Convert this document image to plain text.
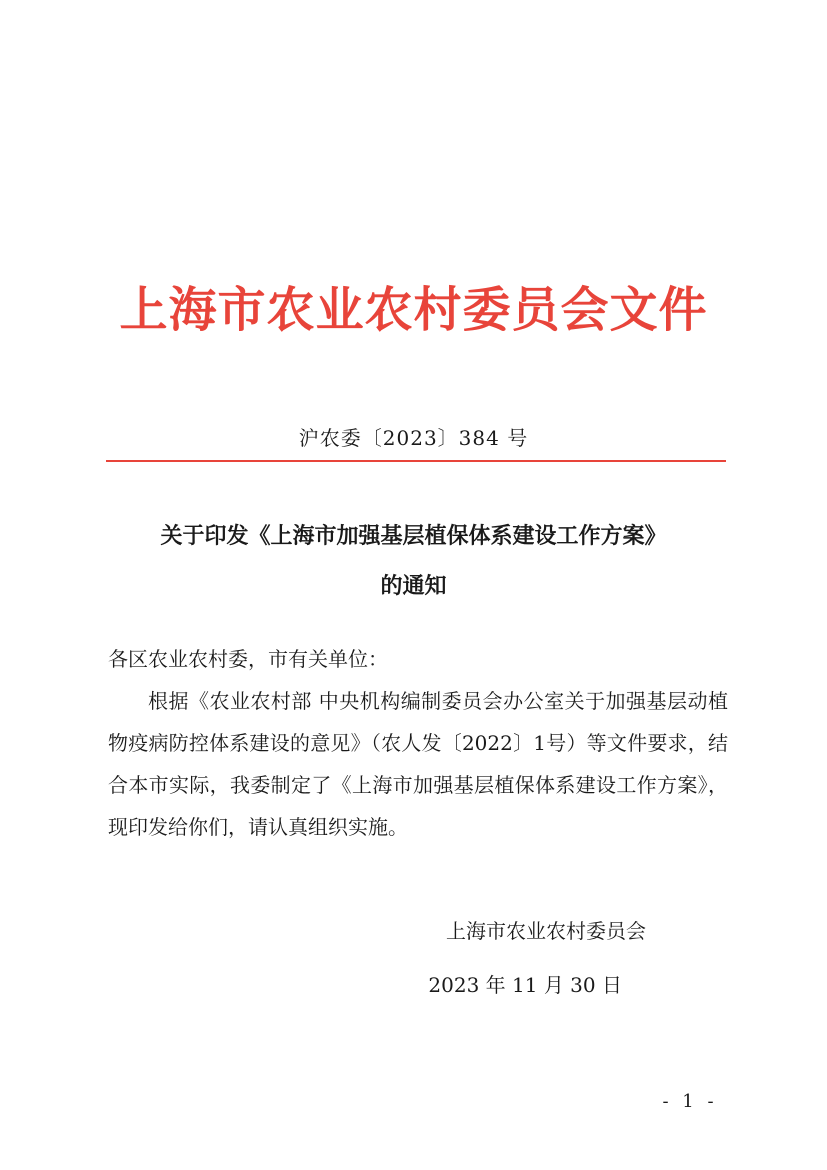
上海市农业农村委员会文件
沪农委〔2023〕384 号
关于印发《上海市加强基层植保体系建设工作方案》
的通知

各区农业农村委，市有关单位：

根据《农业农村部 中央机构编制委员会办公室关于加强基层动植物疫病防控体系建设的意见》（农人发〔2022〕1号）等文件要求，结合本市实际，我委制定了《上海市加强基层植保体系建设工作方案》，现印发给你们，请认真组织实施。

上海市农业农村委员会
2023 年 11 月 30 日
- 1 -
